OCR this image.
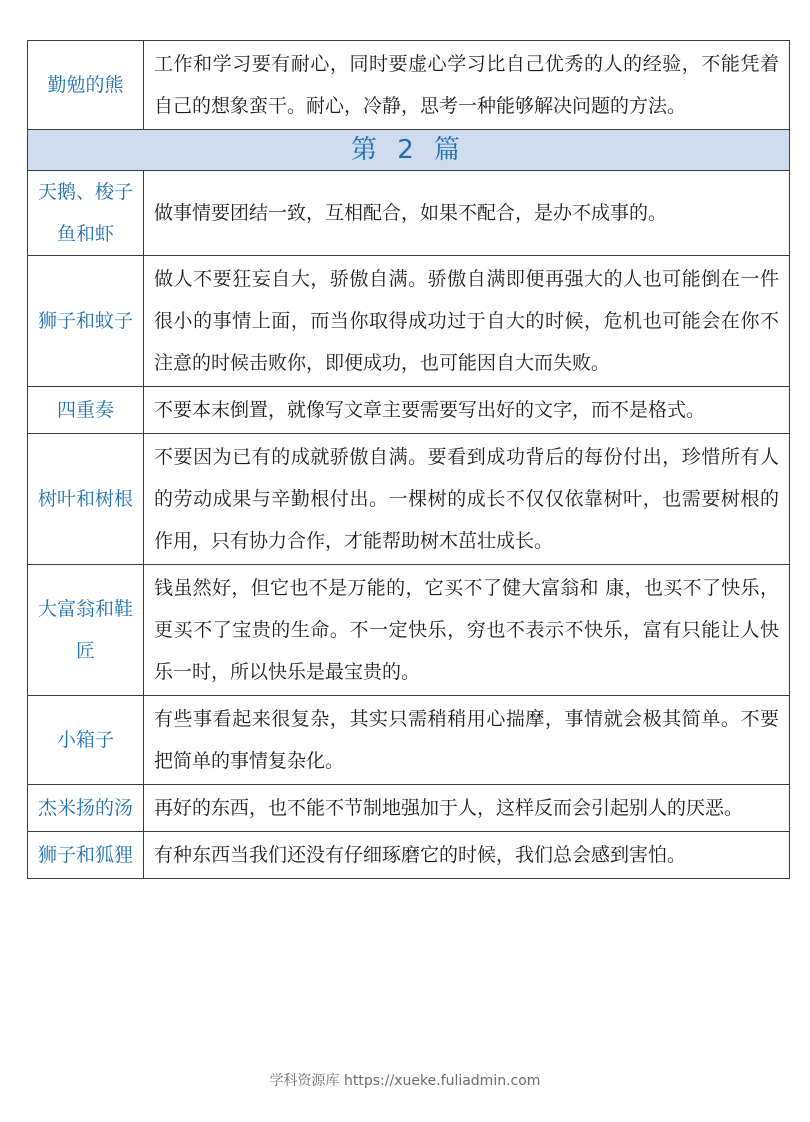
勤勉的熊	工作和学习要有耐心，同时要虚心学习比自己优秀的人的经验，不能凭着自己的想象蛮干。耐心，冷静，思考一种能够解决问题的方法。
第 2 篇	
天鹅、梭子鱼和虾	做事情要团结一致，互相配合，如果不配合，是办不成事的。
狮子和蚊子	做人不要狂妄自大，骄傲自满。骄傲自满即便再强大的人也可能倒在一件很小的事情上面，而当你取得成功过于自大的时候，危机也可能会在你不注意的时候击败你，即便成功，也可能因自大而失败。
四重奏	不要本末倒置，就像写文章主要需要写出好的文字，而不是格式。
树叶和树根	不要因为已有的成就骄傲自满。要看到成功背后的每份付出，珍惜所有人的劳动成果与辛勤根付出。一棵树的成长不仅仅依靠树叶，也需要树根的作用，只有协力合作，才能帮助树木茁壮成长。
大富翁和鞋匠	钱虽然好，但它也不是万能的，它买不了健大富翁和 康，也买不了快乐，更买不了宝贵的生命。不一定快乐，穷也不表示不快乐，富有只能让人快乐一时，所以快乐是最宝贵的。
小箱子	有些事看起来很复杂，其实只需稍稍用心揣摩，事情就会极其简单。不要把简单的事情复杂化。
杰米扬的汤	再好的东西，也不能不节制地强加于人，这样反而会引起别人的厌恶。
狮子和狐狸	有种东西当我们还没有仔细琢磨它的时候，我们总会感到害怕。
学科资源库 https://xueke.fuliadmin.com
